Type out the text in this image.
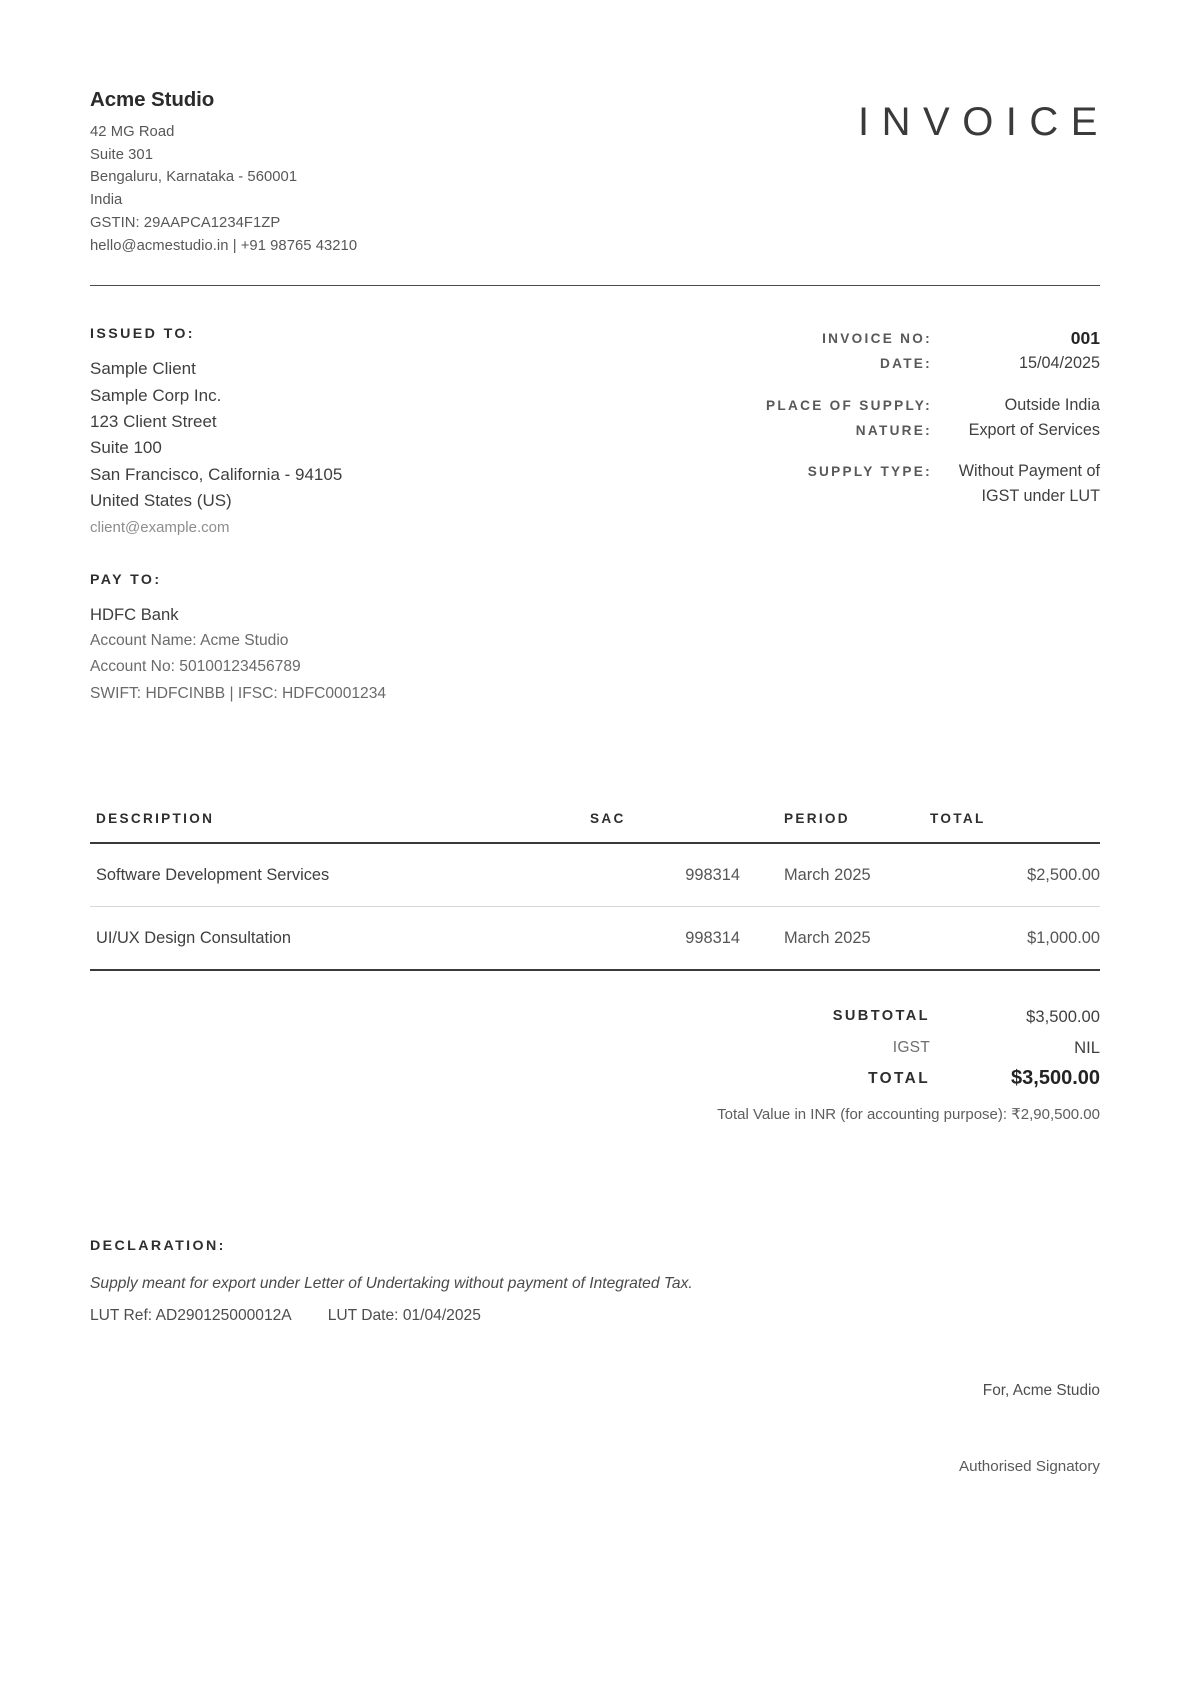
Acme Studio
42 MG Road
Suite 301
Bengaluru, Karnataka - 560001
India
GSTIN: 29AAPCA1234F1ZP
hello@acmestudio.in | +91 98765 43210
INVOICE
ISSUED TO:
Sample Client
Sample Corp Inc.
123 Client Street
Suite 100
San Francisco, California - 94105
United States (US)
client@example.com
PAY TO:
HDFC Bank
Account Name: Acme Studio
Account No: 50100123456789
SWIFT: HDFCINBB | IFSC: HDFC0001234
INVOICE NO:	001
DATE:	15/04/2025
PLACE OF SUPPLY:	Outside India
NATURE:	Export of Services
SUPPLY TYPE:	Without Payment of IGST under LUT
DESCRIPTION	SAC	PERIOD	TOTAL
Software Development Services	998314	March 2025	$2,500.00
UI/UX Design Consultation	998314	March 2025	$1,000.00
SUBTOTAL	$3,500.00
IGST	NIL
TOTAL	$3,500.00
Total Value in INR (for accounting purpose): ₹2,90,500.00
DECLARATION:
Supply meant for export under Letter of Undertaking without payment of Integrated Tax.
LUT Ref: AD290125000012A LUT Date: 01/04/2025
For, Acme Studio
Authorised Signatory
